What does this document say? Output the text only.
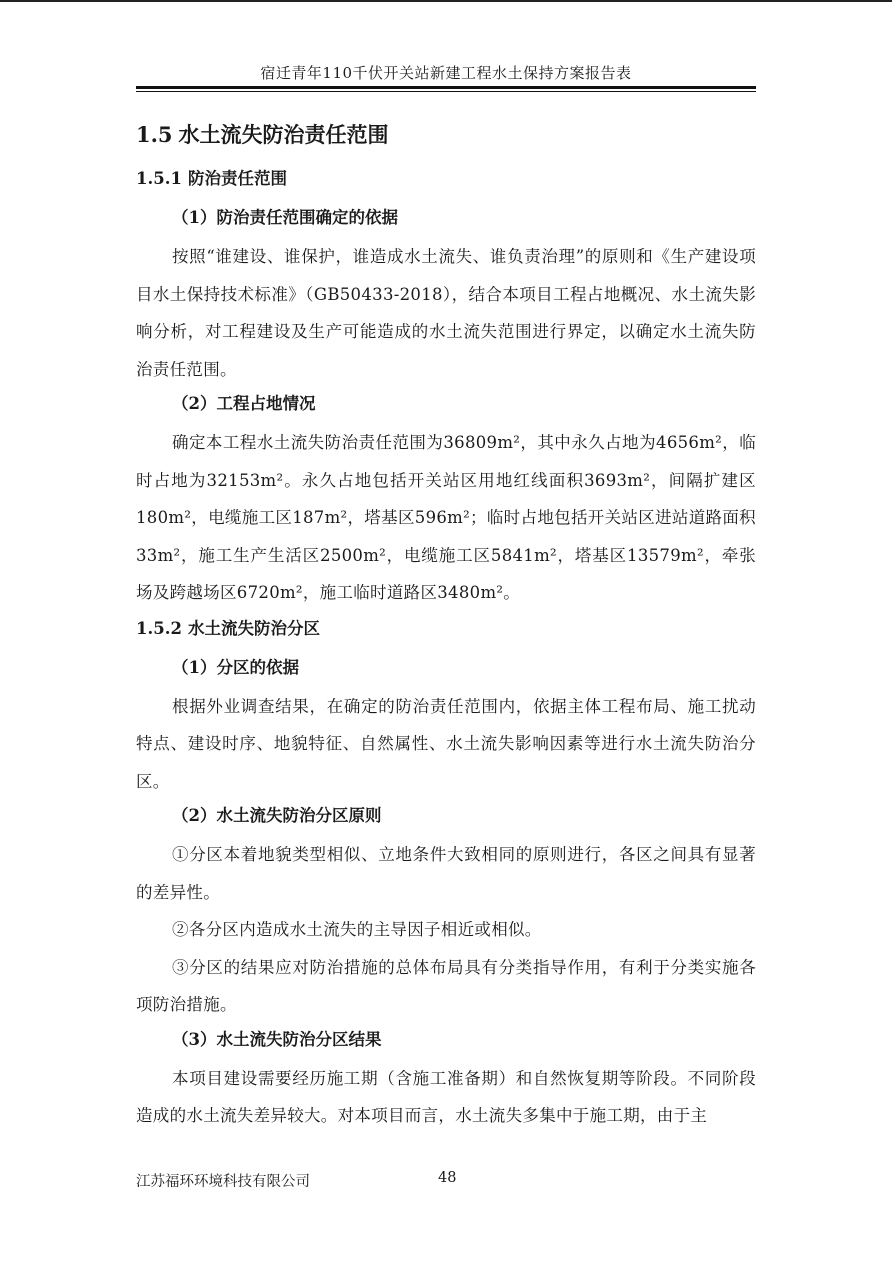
宿迁青年110千伏开关站新建工程水土保持方案报告表
1.5 水土流失防治责任范围
1.5.1 防治责任范围
（1）防治责任范围确定的依据

按照“谁建设、谁保护，谁造成水土流失、谁负责治理”的原则和《生产建设项目水土保持技术标准》（GB50433-2018），结合本项目工程占地概况、水土流失影响分析，对工程建设及生产可能造成的水土流失范围进行界定，以确定水土流失防治责任范围。

（2）工程占地情况

确定本工程水土流失防治责任范围为36809m²，其中永久占地为4656m²，临时占地为32153m²。永久占地包括开关站区用地红线面积3693m²，间隔扩建区180m²，电缆施工区187m²，塔基区596m²；临时占地包括开关站区进站道路面积33m²，施工生产生活区2500m²，电缆施工区5841m²，塔基区13579m²，牵张场及跨越场区6720m²，施工临时道路区3480m²。

1.5.2 水土流失防治分区
（1）分区的依据

根据外业调查结果，在确定的防治责任范围内，依据主体工程布局、施工扰动特点、建设时序、地貌特征、自然属性、水土流失影响因素等进行水土流失防治分区。

（2）水土流失防治分区原则

①分区本着地貌类型相似、立地条件大致相同的原则进行，各区之间具有显著的差异性。

②各分区内造成水土流失的主导因子相近或相似。

③分区的结果应对防治措施的总体布局具有分类指导作用，有利于分类实施各项防治措施。

（3）水土流失防治分区结果

本项目建设需要经历施工期（含施工准备期）和自然恢复期等阶段。不同阶段造成的水土流失差异较大。对本项目而言，水土流失多集中于施工期，由于主

江苏福环环境科技有限公司	48
